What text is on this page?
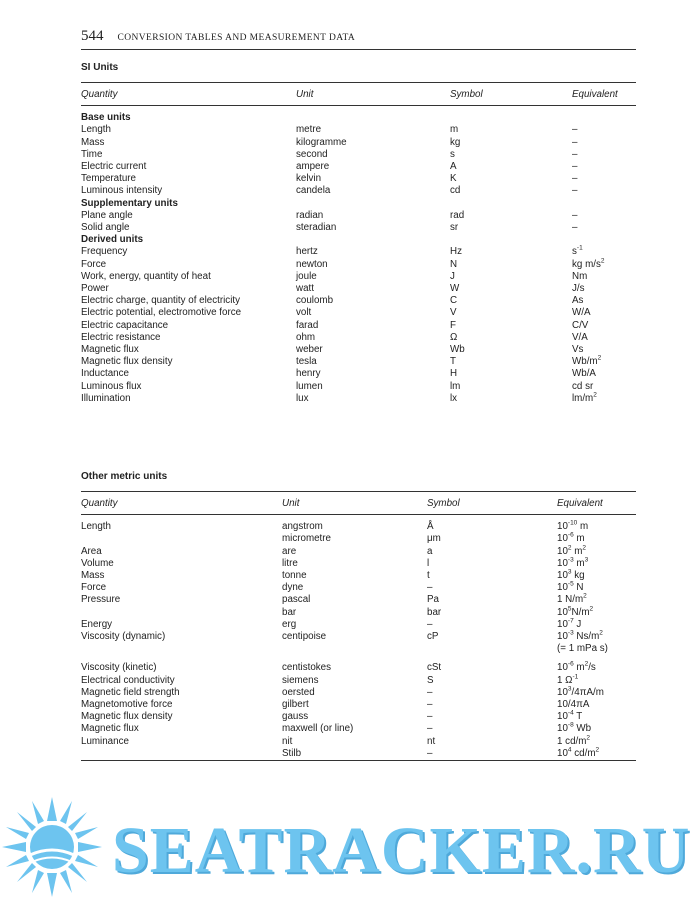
544 CONVERSION TABLES AND MEASUREMENT DATA
SI Units
Quantity	Unit	Symbol	Equivalent
Base units			
Length	metre	m	–
Mass	kilogramme	kg	–
Time	second	s	–
Electric current	ampere	A	–
Temperature	kelvin	K	–
Luminous intensity	candela	cd	–
Supplementary units			
Plane angle	radian	rad	–
Solid angle	steradian	sr	–
Derived units			
Frequency	hertz	Hz	$s^{-1}$
Force	newton	N	kg $m/s^2$
Work, energy, quantity of heat	joule	J	Nm
Power	watt	W	J/s
Electric charge, quantity of electricity	coulomb	C	As
Electric potential, electromotive force	volt	V	W/A
Electric capacitance	farad	F	C/V
Electric resistance	ohm	Ω	V/A
Magnetic flux	weber	Wb	Vs
Magnetic flux density	tesla	T	$Wb/m^2$
Inductance	henry	H	Wb/A
Luminous flux	lumen	lm	cd sr
Illumination	lux	lx	$lm/m^2$
Other metric units
Quantity	Unit	Symbol	Equivalent
Length	angstrom	Å	$10^{-10}$ m
	micrometre	μm	$10^{-6}$ m
Area	are	a	$10^2$ $m^2$
Volume	litre	l	$10^{-3}$ $m^3$
Mass	tonne	t	$10^3$ kg
Force	dyne	–	$10^{-5}$ N
Pressure	pascal	Pa	1 $N/m^2$
	bar	bar	$10^5N/m^2$
Energy	erg	–	$10^{-7}$ J
Viscosity (dynamic)	centipoise	cP	$10^{-3}$ $Ns/m^2$
			(= 1 mPa s)
Viscosity (kinetic)	centistokes	cSt	$10^{-6}$ $m^2/s$
Electrical conductivity	siemens	S	1 $\Omega^{-1}$
Magnetic field strength	oersted	–	$10^3/4\pi A/m$
Magnetomotive force	gilbert	–	10/4πA
Magnetic flux density	gauss	–	$10^{-4}$ T
Magnetic flux	maxwell (or line)	–	$10^{-8}$ Wb
Luminance	nit	nt	1 $cd/m^2$
	Stilb	–	$10^4$ $cd/m^2$
SEATRACKER.RU
